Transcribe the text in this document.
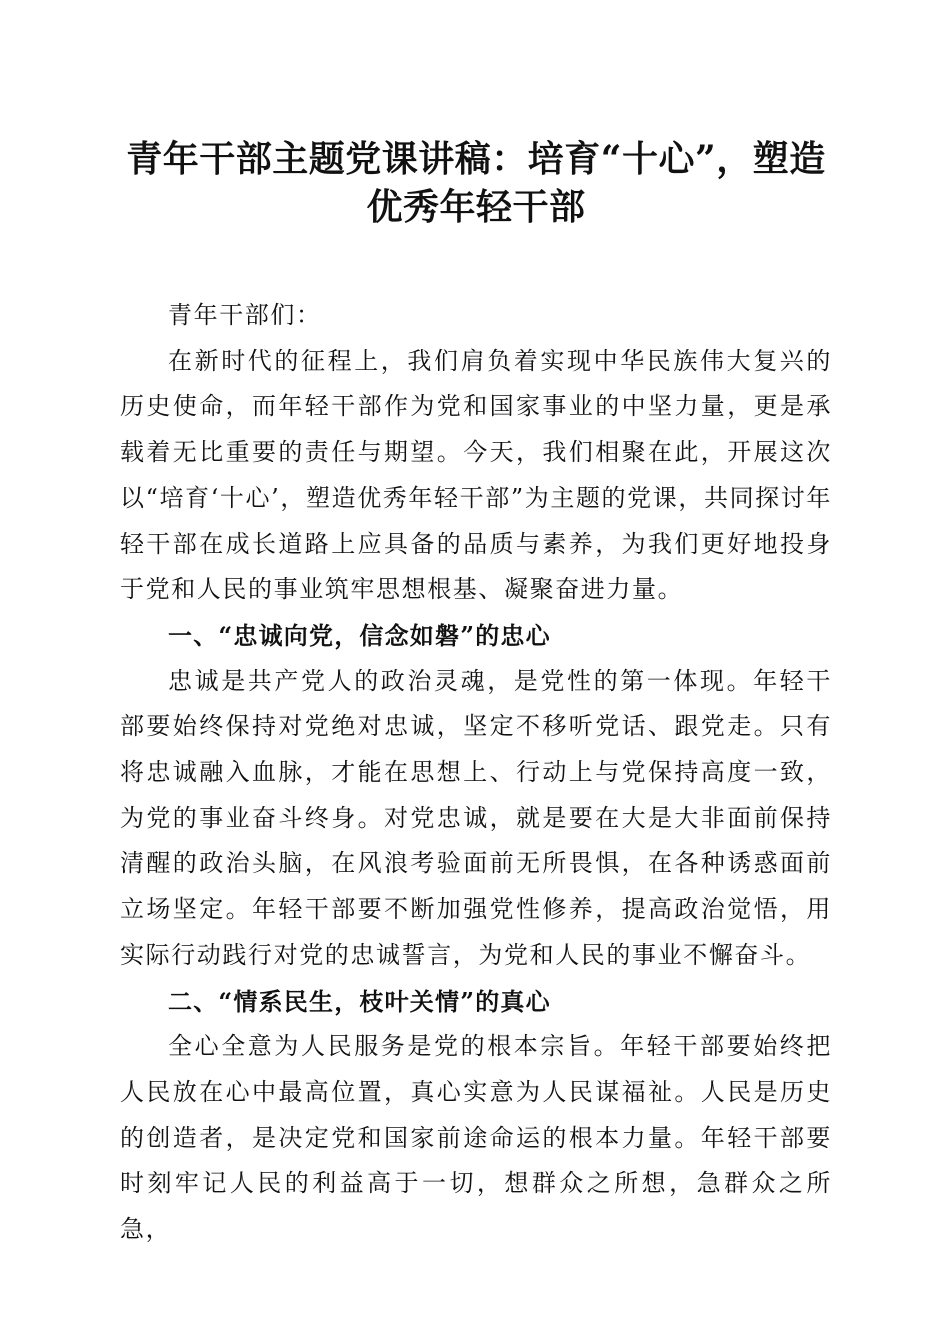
青年干部主题党课讲稿：培育“十心”，塑造
优秀年轻干部

青年干部们：

在新时代的征程上，我们肩负着实现中华民族伟大复兴的历史使命，而年轻干部作为党和国家事业的中坚力量，更是承载着无比重要的责任与期望。今天，我们相聚在此，开展这次以“培育‘十心’，塑造优秀年轻干部”为主题的党课，共同探讨年轻干部在成长道路上应具备的品质与素养，为我们更好地投身于党和人民的事业筑牢思想根基、凝聚奋进力量。

一、“忠诚向党，信念如磐”的忠心

忠诚是共产党人的政治灵魂，是党性的第一体现。年轻干部要始终保持对党绝对忠诚，坚定不移听党话、跟党走。只有将忠诚融入血脉，才能在思想上、行动上与党保持高度一致，为党的事业奋斗终身。对党忠诚，就是要在大是大非面前保持清醒的政治头脑，在风浪考验面前无所畏惧，在各种诱惑面前立场坚定。年轻干部要不断加强党性修养，提高政治觉悟，用实际行动践行对党的忠诚誓言，为党和人民的事业不懈奋斗。

二、“情系民生，枝叶关情”的真心

全心全意为人民服务是党的根本宗旨。年轻干部要始终把人民放在心中最高位置，真心实意为人民谋福祉。人民是历史的创造者，是决定党和国家前途命运的根本力量。年轻干部要时刻牢记人民的利益高于一切，想群众之所想，急群众之所急，
